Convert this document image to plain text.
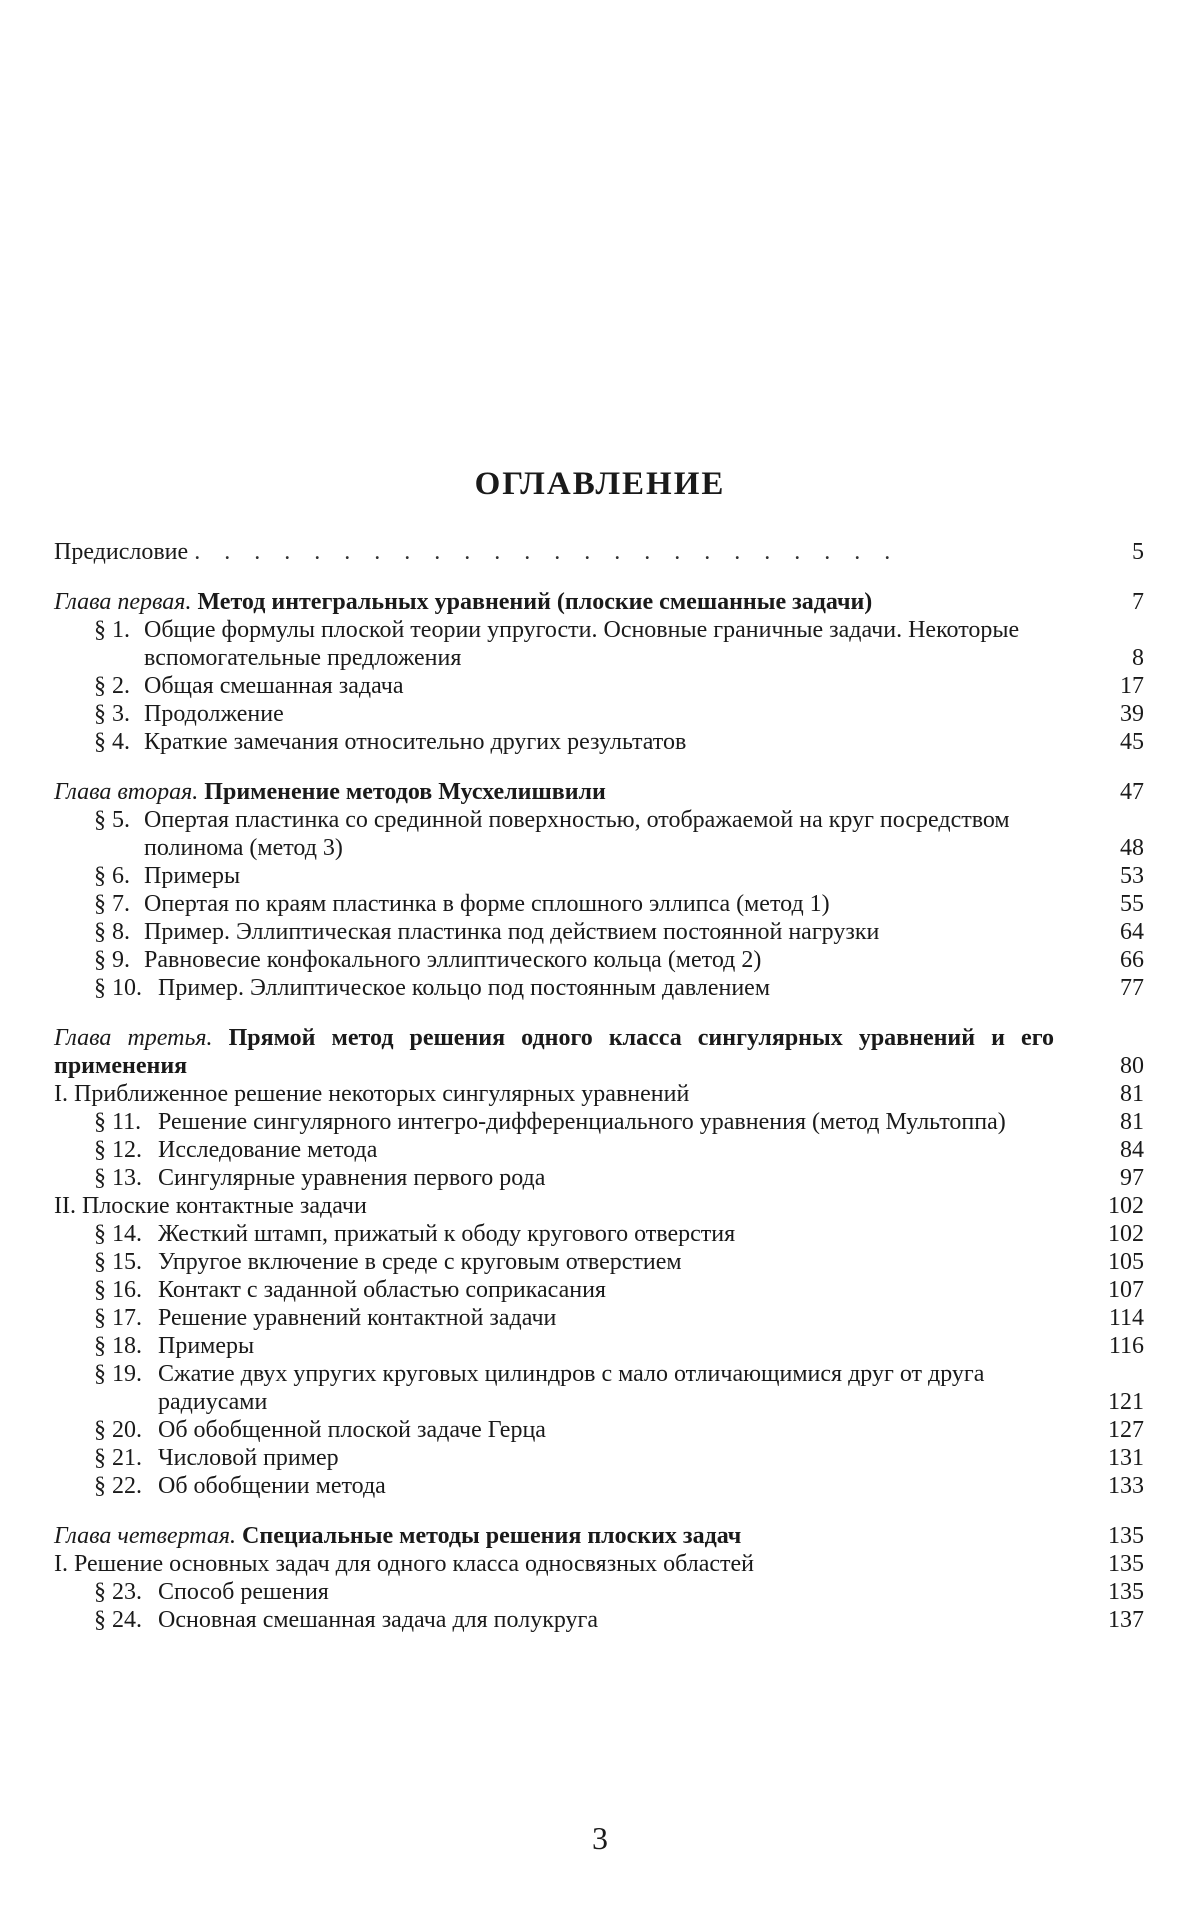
ОГЛАВЛЕНИЕ
Предисловие ........................	5
Глава первая. Метод интегральных уравнений (плоские смешанные задачи)	7
§ 1. Общие формулы плоской теории упругости. Основные граничные задачи. Некоторые вспомогательные предложения	8
§ 2. Общая смешанная задача	17
§ 3. Продолжение	39
§ 4. Краткие замечания относительно других результатов	45
Глава вторая. Применение методов Мусхелишвили	47
§ 5. Опертая пластинка со срединной поверхностью, отображаемой на круг посредством полинома (метод 3)	48
§ 6. Примеры	53
§ 7. Опертая по краям пластинка в форме сплошного эллипса (метод 1)	55
§ 8. Пример. Эллиптическая пластинка под действием постоянной нагрузки	64
§ 9. Равновесие конфокального эллиптического кольца (метод 2)	66
§ 10. Пример. Эллиптическое кольцо под постоянным давлением	77
Глава третья. Прямой метод решения одного класса сингулярных уравнений и его применения	80
I. Приближенное решение некоторых сингулярных уравнений	81
§ 11. Решение сингулярного интегро-дифференциального уравнения (метод Мультоппа)	81
§ 12. Исследование метода	84
§ 13. Сингулярные уравнения первого рода	97
II. Плоские контактные задачи	102
§ 14. Жесткий штамп, прижатый к ободу кругового отверстия	102
§ 15. Упругое включение в среде с круговым отверстием	105
§ 16. Контакт с заданной областью соприкасания	107
§ 17. Решение уравнений контактной задачи	114
§ 18. Примеры	116
§ 19. Сжатие двух упругих круговых цилиндров с мало отличающимися друг от друга радиусами	121
§ 20. Об обобщенной плоской задаче Герца	127
§ 21. Числовой пример	131
§ 22. Об обобщении метода	133
Глава четвертая. Специальные методы решения плоских задач	135
I. Решение основных задач для одного класса односвязных областей	135
§ 23. Способ решения	135
§ 24. Основная смешанная задача для полукруга	137
3
